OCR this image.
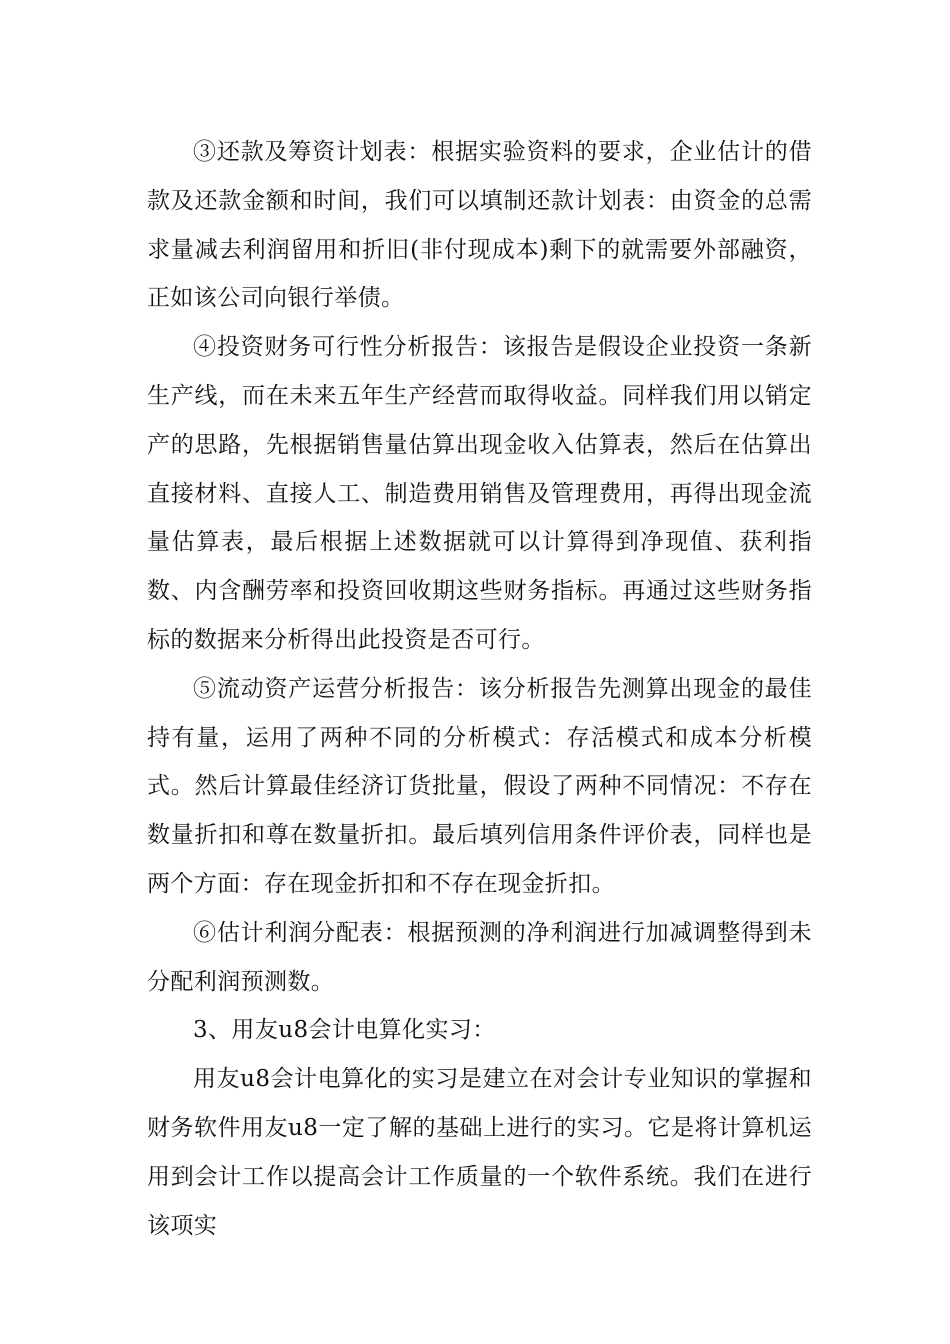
③还款及筹资计划表：根据实验资料的要求，企业估计的借款及还款金额和时间，我们可以填制还款计划表：由资金的总需求量减去利润留用和折旧(非付现成本)剩下的就需要外部融资，正如该公司向银行举债。

④投资财务可行性分析报告：该报告是假设企业投资一条新生产线，而在未来五年生产经营而取得收益。同样我们用以销定产的思路，先根据销售量估算出现金收入估算表，然后在估算出直接材料、直接人工、制造费用销售及管理费用，再得出现金流量估算表，最后根据上述数据就可以计算得到净现值、获利指数、内含酬劳率和投资回收期这些财务指标。再通过这些财务指标的数据来分析得出此投资是否可行。

⑤流动资产运营分析报告：该分析报告先测算出现金的最佳持有量，运用了两种不同的分析模式：存活模式和成本分析模式。然后计算最佳经济订货批量，假设了两种不同情况：不存在数量折扣和尊在数量折扣。最后填列信用条件评价表，同样也是两个方面：存在现金折扣和不存在现金折扣。

⑥估计利润分配表：根据预测的净利润进行加减调整得到未分配利润预测数。

3、用友u8会计电算化实习：

用友u8会计电算化的实习是建立在对会计专业知识的掌握和财务软件用友u8一定了解的基础上进行的实习。它是将计算机运用到会计工作以提高会计工作质量的一个软件系统。我们在进行该项实
